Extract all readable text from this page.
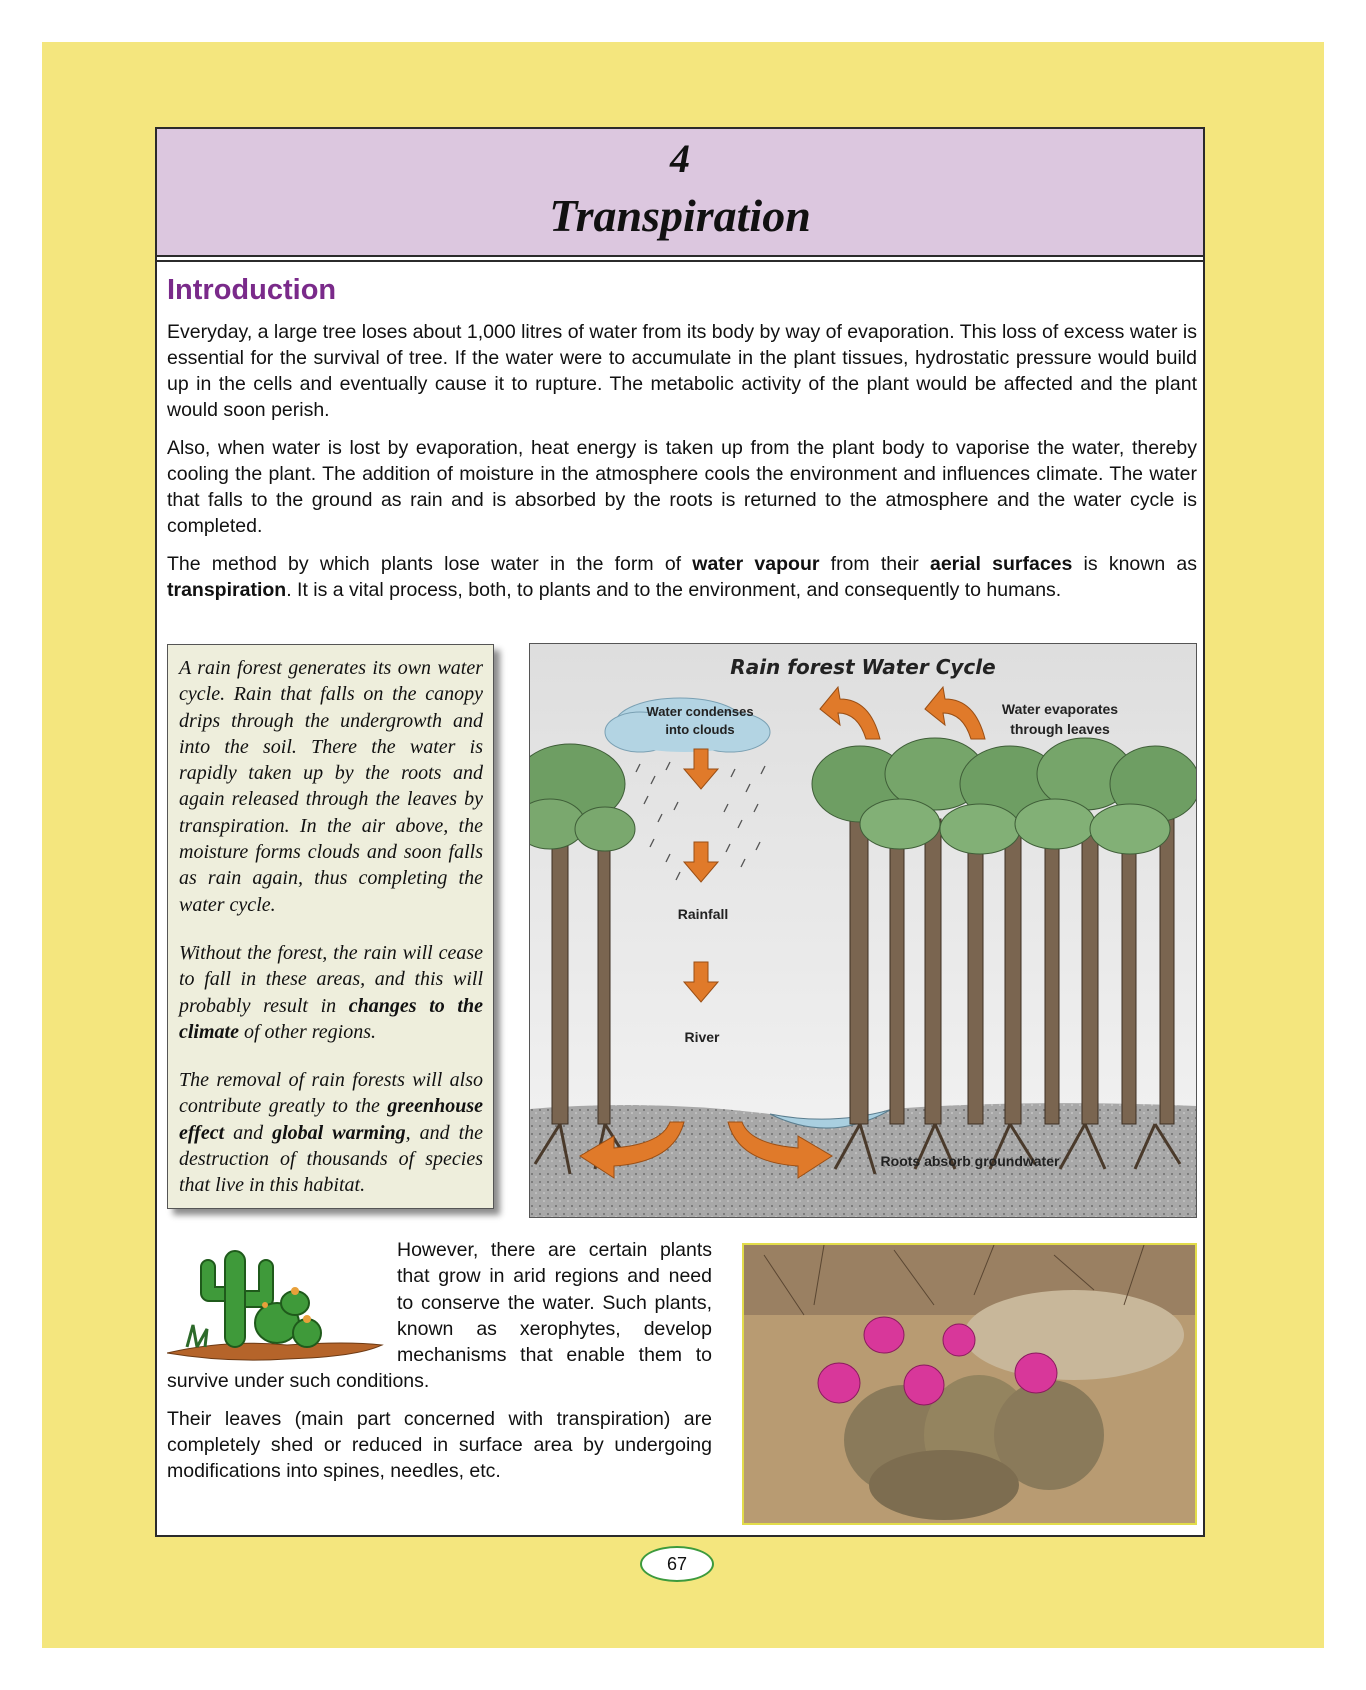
4
Transpiration
Introduction

Everyday, a large tree loses about 1,000 litres of water from its body by way of evaporation. This loss of excess water is essential for the survival of tree. If the water were to accumulate in the plant tissues, hydrostatic pressure would build up in the cells and eventually cause it to rupture. The metabolic activity of the plant would be affected and the plant would soon perish.

Also, when water is lost by evaporation, heat energy is taken up from the plant body to vaporise the water, thereby cooling the plant. The addition of moisture in the atmosphere cools the environment and influences climate. The water that falls to the ground as rain and is absorbed by the roots is returned to the atmosphere and the water cycle is completed.

The method by which plants lose water in the form of water vapour from their aerial surfaces is known as transpiration. It is a vital process, both, to plants and to the environment, and consequently to humans.

A rain forest generates its own water cycle. Rain that falls on the canopy drips through the undergrowth and into the soil. There the water is rapidly taken up by the roots and again released through the leaves by transpiration. In the air above, the moisture forms clouds and soon falls as rain again, thus completing the water cycle.

Without the forest, the rain will cease to fall in these areas, and this will probably result in changes to the climate of other regions.

The removal of rain forests will also contribute greatly to the greenhouse effect and global warming, and the destruction of thousands of species that live in this habitat.

Rain forest Water Cycle
Water condenses
into clouds
Rainfall
River
Water evaporates
through leaves
Roots absorb groundwater

However, there are certain plants that grow in arid regions and need to conserve the water. Such plants, known as xerophytes, develop mechanisms that enable them to survive under such conditions.

Their leaves (main part concerned with transpiration) are completely shed or reduced in surface area by undergoing modifications into spines, needles, etc.

67
